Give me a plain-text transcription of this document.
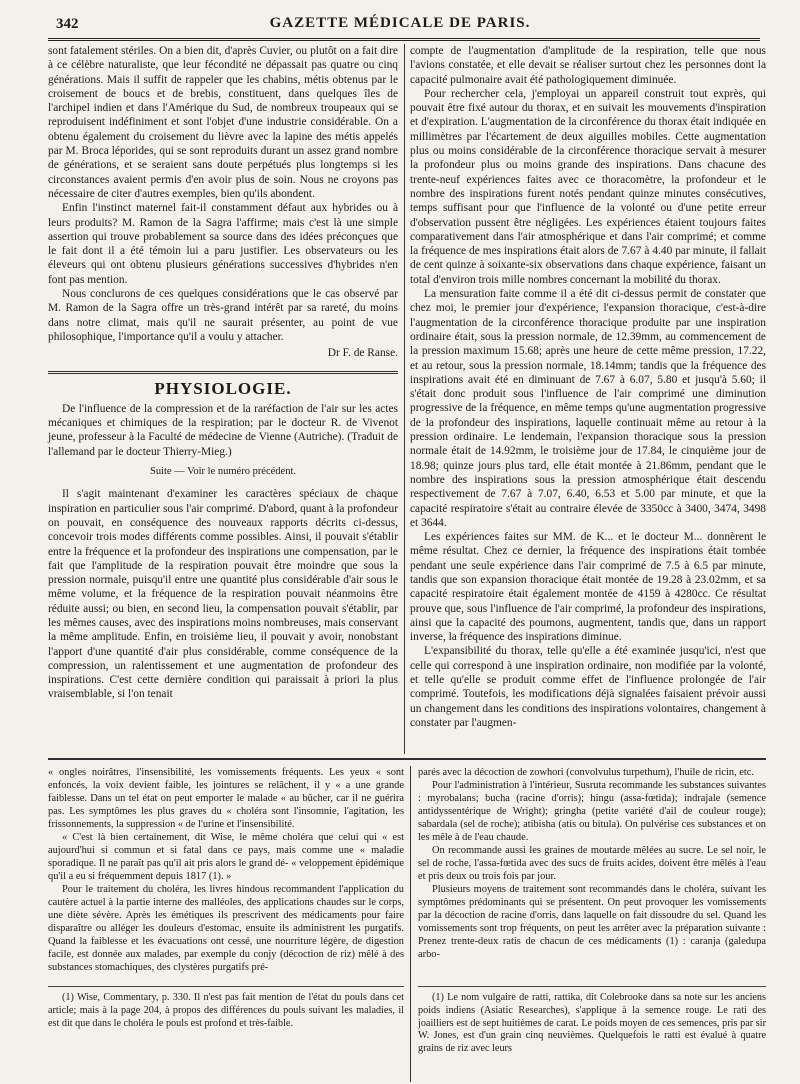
342	GAZETTE MÉDICALE DE PARIS.

sont fatalement stériles. On a bien dit, d'après Cuvier, ou plutôt on a fait dire à ce célèbre naturaliste, que leur fécondité ne dépassait pas quatre ou cinq générations. Mais il suffit de rappeler que les chabins, métis obtenus par le croisement de boucs et de brebis, constituent, dans quelques îles de l'archipel indien et dans l'Amérique du Sud, de nombreux troupeaux qui se reproduisent indéfiniment et sont l'objet d'une industrie considérable. On a obtenu également du croisement du lièvre avec la lapine des métis appelés par M. Broca léporides, qui se sont reproduits durant un assez grand nombre de générations, et se seraient sans doute perpétués plus longtemps si les circonstances avaient permis d'en avoir plus de soin. Nous ne croyons pas nécessaire de citer d'autres exemples, bien qu'ils abondent.

Enfin l'instinct maternel fait-il constamment défaut aux hybrides ou à leurs produits? M. Ramon de la Sagra l'affirme; mais c'est là une simple assertion qui trouve probablement sa source dans des idées préconçues que le fait dont il a été témoin lui a paru justifier. Les observateurs ou les éleveurs qui ont obtenu plusieurs générations successives d'hybrides n'en font pas mention.

Nous conclurons de ces quelques considérations que le cas observé par M. Ramon de la Sagra offre un très-grand intérêt par sa rareté, du moins dans notre climat, mais qu'il ne saurait présenter, au point de vue philosophique, l'importance qu'il a voulu y attacher.

Dr F. de Ranse.
PHYSIOLOGIE.
De l'influence de la compression et de la raréfaction de l'air sur les actes mécaniques et chimiques de la respiration; par le docteur R. de Vivenot jeune, professeur à la Faculté de médecine de Vienne (Autriche). (Traduit de l'allemand par le docteur Thierry-Mieg.)
Suite — Voir le numéro précédent.

Il s'agit maintenant d'examiner les caractères spéciaux de chaque inspiration en particulier sous l'air comprimé. D'abord, quant à la profondeur on pouvait, en conséquence des nouveaux rapports décrits ci-dessus, concevoir trois modes différents comme possibles. Ainsi, il pouvait s'établir entre la fréquence et la profondeur des inspirations une compensation, par le fait que l'amplitude de la respiration pouvait être moindre que sous la pression normale, puisqu'il entre une quantité plus considérable d'air sous le même volume, et la fréquence de la respiration pouvait néanmoins être réduite aussi; ou bien, en second lieu, la compensation pouvait s'établir, par les mêmes causes, avec des inspirations moins nombreuses, mais conservant la même amplitude. Enfin, en troisième lieu, il pouvait y avoir, nonobstant l'apport d'une quantité d'air plus considérable, comme conséquence de la compression, un ralentissement et une augmentation de profondeur des inspirations. C'est cette dernière condition qui paraissait à priori la plus vraisemblable, si l'on tenait

compte de l'augmentation d'amplitude de la respiration, telle que nous l'avions constatée, et elle devait se réaliser surtout chez les personnes dont la capacité pulmonaire avait été pathologiquement diminuée.

Pour rechercher cela, j'employai un appareil construit tout exprès, qui pouvait être fixé autour du thorax, et en suivait les mouvements d'inspiration et d'expiration. L'augmentation de la circonférence du thorax était indiquée en millimètres par l'écartement de deux aiguilles mobiles. Cette augmentation plus ou moins considérable de la circonférence thoracique servait à mesurer la profondeur plus ou moins grande des inspirations. Dans chacune des trente-neuf expériences faites avec ce thoracomètre, la profondeur et le nombre des inspirations furent notés pendant quinze minutes consécutives, temps suffisant pour que l'influence de la volonté ou d'une petite erreur d'observation pussent être négligées. Les expériences étaient toujours faites comparativement dans l'air atmosphérique et dans l'air comprimé; et comme la fréquence de mes inspirations était alors de 7.67 à 4.40 par minute, il fallait de cent quinze à soixante-six observations dans chaque expérience, faisant un total d'environ trois mille nombres concernant la mobilité du thorax.

La mensuration faite comme il a été dit ci-dessus permit de constater que chez moi, le premier jour d'expérience, l'expansion thoracique, c'est-à-dire l'augmentation de la circonférence thoracique produite par une inspiration ordinaire était, sous la pression normale, de 12.39mm, au commencement de la pression maximum 15.68; après une heure de cette même pression, 17.22, et au retour, sous la pression normale, 18.14mm; tandis que la fréquence des inspirations avait été en diminuant de 7.67 à 6.07, 5.80 et jusqu'à 5.60; il s'était donc produit sous l'influence de l'air comprimé une diminution progressive de la fréquence, en même temps qu'une augmentation progressive de la profondeur des inspirations, laquelle continuait même au retour à la pression ordinaire. Le lendemain, l'expansion thoracique sous la pression normale était de 14.92mm, le troisième jour de 17.84, le cinquième jour de 18.98; quinze jours plus tard, elle était montée à 21.86mm, pendant que le nombre des inspirations sous la pression atmosphérique était descendu respectivement de 7.67 à 7.07, 6.40, 6.53 et 5.00 par minute, et que la capacité respiratoire s'était au contraire élevée de 3350cc à 3400, 3474, 3498 et 3644.

Les expériences faites sur MM. de K... et le docteur M... donnèrent le même résultat. Chez ce dernier, la fréquence des inspirations était tombée pendant une seule expérience dans l'air comprimé de 7.5 à 6.5 par minute, tandis que son expansion thoracique était montée de 19.28 à 23.02mm, et sa capacité respiratoire était également montée de 4159 à 4280cc. Ce résultat prouve que, sous l'influence de l'air comprimé, la profondeur des inspirations, ainsi que la capacité des poumons, augmentent, tandis que, dans un rapport inverse, la fréquence des inspirations diminue.

L'expansibilité du thorax, telle qu'elle a été examinée jusqu'ici, n'est que celle qui correspond à une inspiration ordinaire, non modifiée par la volonté, et telle qu'elle se produit comme effet de l'influence prolongée de l'air comprimé. Toutefois, les modifications déjà signalées faisaient prévoir aussi un changement dans les conditions des inspirations volontaires, changement à constater par l'augmen-

« ongles noirâtres, l'insensibilité, les vomissements fréquents. Les yeux « sont enfoncés, la voix devient faible, les jointures se relâchent, il y « a une grande faiblesse. Dans un tel état on peut emporter le malade « au bûcher, car il ne guérira pas. Les symptômes les plus graves du « choléra sont l'insomnie, l'agitation, les frissonnements, la suppression « de l'urine et l'insensibilité.

« C'est là bien certainement, dit Wise, le même choléra que celui qui « est aujourd'hui si commun et si fatal dans ce pays, mais comme une « maladie sporadique. Il ne paraît pas qu'il ait pris alors le grand dé- « veloppement épidémique qu'il a eu si fréquemment depuis 1817 (1). »

Pour le traitement du choléra, les livres hindous recommandent l'application du cautère actuel à la partie interne des malléoles, des applications chaudes sur le corps, une diète sévère. Après les émétiques ils prescrivent des médicaments pour faire disparaître ou alléger les douleurs d'estomac, ensuite ils administrent les purgatifs. Quand la faiblesse et les évacuations ont cessé, une nourriture légère, de digestion facile, est donnée aux malades, par exemple du conjy (décoction de riz) mêlé à des substances stomachiques, des clystères purgatifs pré-

parés avec la décoction de zowhori (convolvulus turpethum), l'huile de ricin, etc.

Pour l'administration à l'intérieur, Susruta recommande les substances suivantes : myrobalans; bucha (racine d'orris); hingu (assa-fœtida); indrajale (semence antidyssentérique de Wright); gringha (petite variété d'ail de couleur rouge); sabardala (sel de roche); atibisha (atis ou bitula). On pulvérise ces substances et on les mêle à de l'eau chaude.

On recommande aussi les graines de moutarde mêlées au sucre. Le sel noir, le sel de roche, l'assa-fœtida avec des sucs de fruits acides, doivent être mêlés à l'eau et pris deux ou trois fois par jour.

Plusieurs moyens de traitement sont recommandés dans le choléra, suivant les symptômes prédominants qui se présentent. On peut provoquer les vomissements par la décoction de racine d'orris, dans laquelle on fait dissoudre du sel. Quand les vomissements sont trop fréquents, on peut les arrêter avec la préparation suivante : Prenez trente-deux ratis de chacun de ces médicaments (1) : caranja (galedupa arbo-

(1) Wise, Commentary, p. 330. Il n'est pas fait mention de l'état du pouls dans cet article; mais à la page 204, à propos des différences du pouls suivant les maladies, il est dit que dans le choléra le pouls est profond et très-faible.

(1) Le nom vulgaire de ratti, rattika, dit Colebrooke dans sa note sur les anciens poids indiens (Asiatic Researches), s'applique à la semence rouge. Le rati des joailliers est de sept huitièmes de carat. Le poids moyen de ces semences, pris par sir W. Jones, est d'un grain cinq neuvièmes. Quelquefois le ratti est évalué à quatre grains de riz avec leurs
